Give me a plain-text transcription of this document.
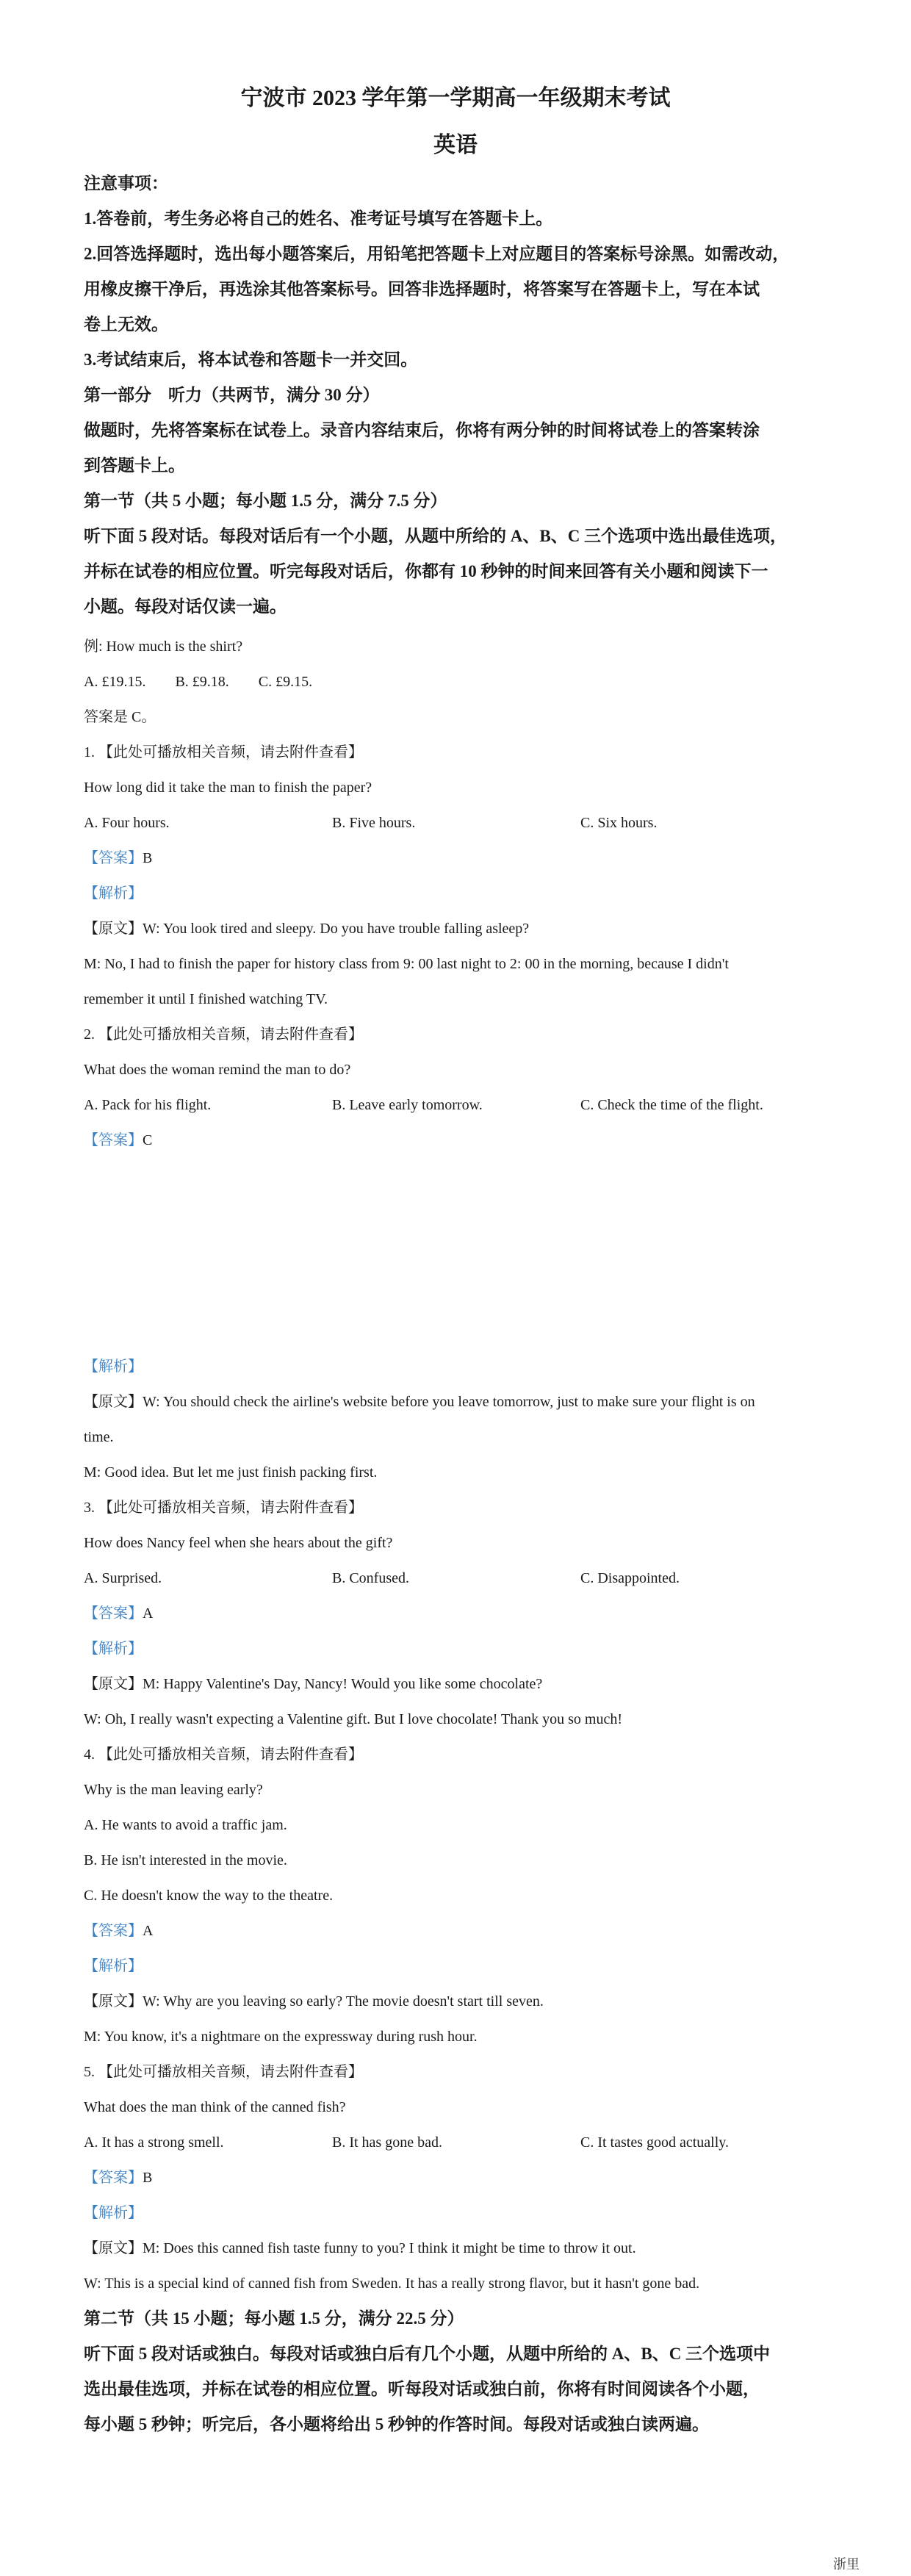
宁波市 2023 学年第一学期高一年级期末考试
英语
注意事项：
1.答卷前，考生务必将自己的姓名、准考证号填写在答题卡上。
2.回答选择题时，选出每小题答案后，用铅笔把答题卡上对应题目的答案标号涂黑。如需改动，
用橡皮擦干净后，再选涂其他答案标号。回答非选择题时，将答案写在答题卡上，写在本试
卷上无效。
3.考试结束后，将本试卷和答题卡一并交回。
第一部分　听力（共两节，满分 30 分）
做题时，先将答案标在试卷上。录音内容结束后，你将有两分钟的时间将试卷上的答案转涂
到答题卡上。
第一节（共 5 小题；每小题 1.5 分，满分 7.5 分）
听下面 5 段对话。每段对话后有一个小题，从题中所给的 A、B、C 三个选项中选出最佳选项，
并标在试卷的相应位置。听完每段对话后，你都有 10 秒钟的时间来回答有关小题和阅读下一
小题。每段对话仅读一遍。
例: How much is the shirt?
A. £19.15.　　B. £9.18.　　C. £9.15.
答案是 C。
1. 【此处可播放相关音频，请去附件查看】
How long did it take the man to finish the paper?
A. Four hours.	B. Five hours.	C. Six hours.
【答案】B
【解析】
【原文】W: You look tired and sleepy. Do you have trouble falling asleep?
M: No, I had to finish the paper for history class from 9: 00 last night to 2: 00 in the morning, because I didn't
remember it until I finished watching TV.
2. 【此处可播放相关音频，请去附件查看】
What does the woman remind the man to do?
A. Pack for his flight.	B. Leave early tomorrow.	C. Check the time of the flight.
【答案】C
【解析】
【原文】W: You should check the airline's website before you leave tomorrow, just to make sure your flight is on
time.
M: Good idea. But let me just finish packing first.
3. 【此处可播放相关音频，请去附件查看】
How does Nancy feel when she hears about the gift?
A. Surprised.	B. Confused.	C. Disappointed.
【答案】A
【解析】
【原文】M: Happy Valentine's Day, Nancy! Would you like some chocolate?
W: Oh, I really wasn't expecting a Valentine gift. But I love chocolate! Thank you so much!
4. 【此处可播放相关音频，请去附件查看】
Why is the man leaving early?
A. He wants to avoid a traffic jam.
B. He isn't interested in the movie.
C. He doesn't know the way to the theatre.
【答案】A
【解析】
【原文】W: Why are you leaving so early? The movie doesn't start till seven.
M: You know, it's a nightmare on the expressway during rush hour.
5. 【此处可播放相关音频，请去附件查看】
What does the man think of the canned fish?
A. It has a strong smell.	B. It has gone bad.	C. It tastes good actually.
【答案】B
【解析】
【原文】M: Does this canned fish taste funny to you? I think it might be time to throw it out.
W: This is a special kind of canned fish from Sweden. It has a really strong flavor, but it hasn't gone bad.
第二节（共 15 小题；每小题 1.5 分，满分 22.5 分）
听下面 5 段对话或独白。每段对话或独白后有几个小题，从题中所给的 A、B、C 三个选项中
选出最佳选项，并标在试卷的相应位置。听每段对话或独白前，你将有时间阅读各个小题，
每小题 5 秒钟；听完后，各小题将给出 5 秒钟的作答时间。每段对话或独白读两遍。
浙里
